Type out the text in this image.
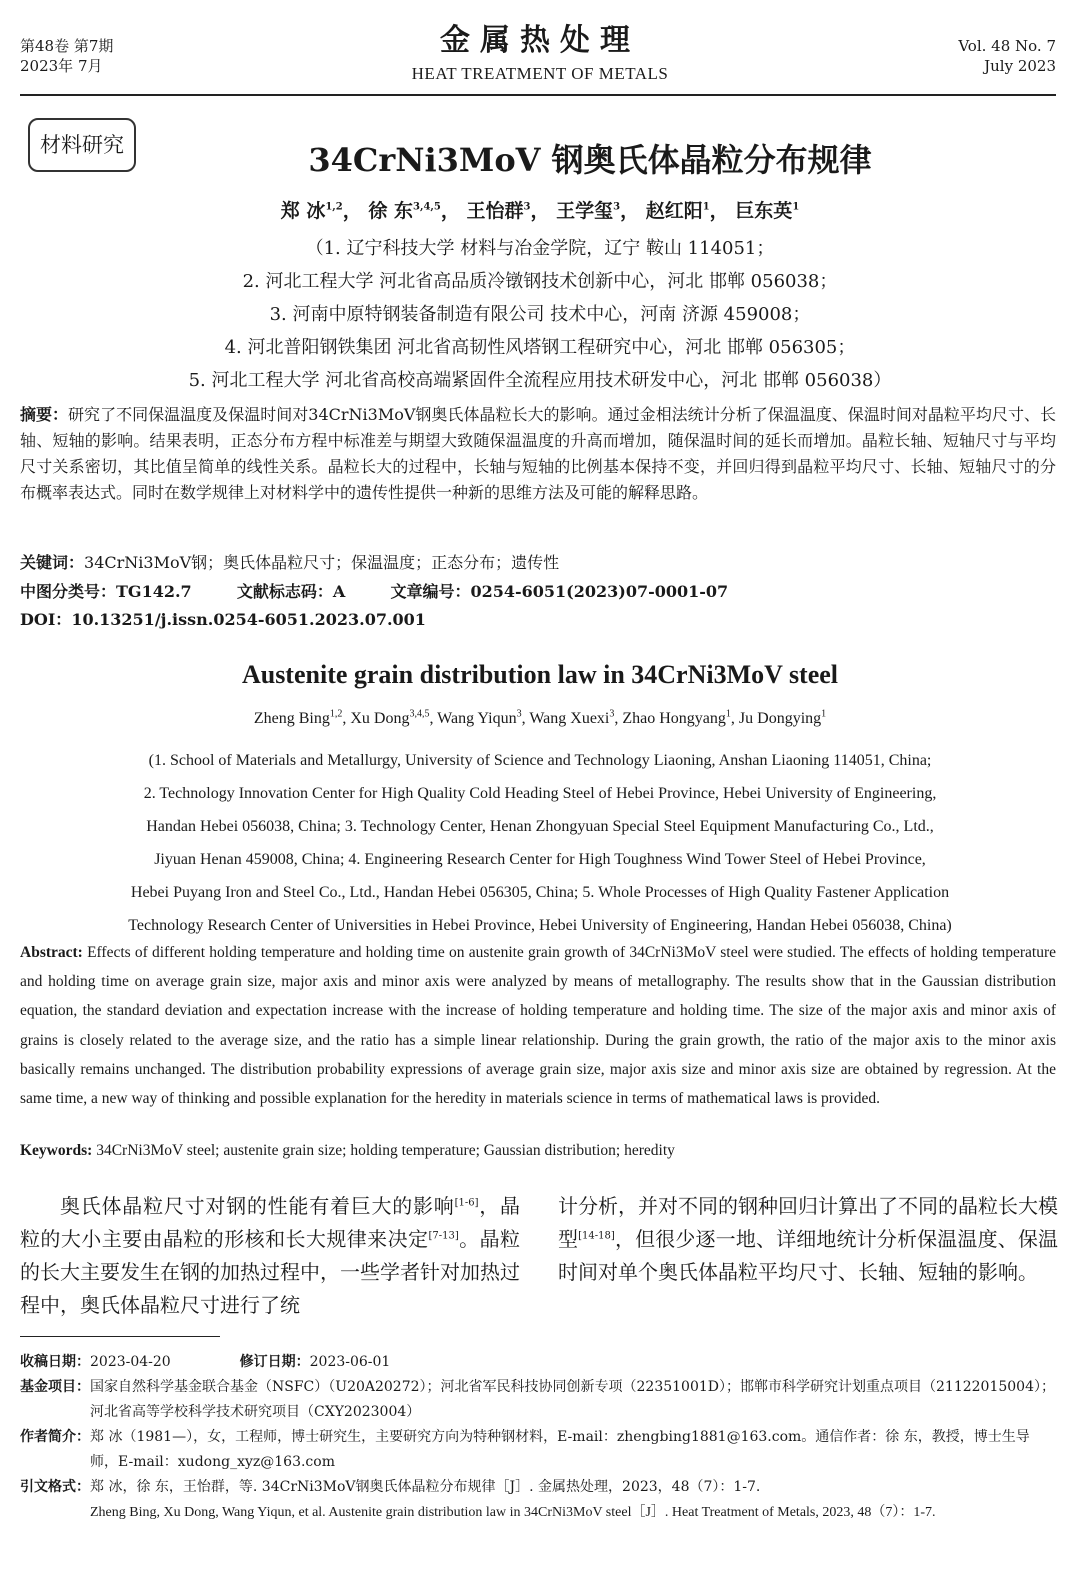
第48卷 第7期
2023年 7月
金属热处理
HEAT TREATMENT OF METALS
Vol. 48 No. 7
July 2023
材料研究	34CrNi3MoV 钢奥氏体晶粒分布规律
郑 冰$^{1,2}$， 徐 东$^{3,4,5}$， 王怡群$^3$， 王学玺$^3$， 赵红阳$^1$， 巨东英$^1$
（1. 辽宁科技大学 材料与冶金学院，辽宁 鞍山 114051；
2. 河北工程大学 河北省高品质冷镦钢技术创新中心，河北 邯郸 056038；
3. 河南中原特钢装备制造有限公司 技术中心，河南 济源 459008；
4. 河北普阳钢铁集团 河北省高韧性风塔钢工程研究中心，河北 邯郸 056305；
5. 河北工程大学 河北省高校高端紧固件全流程应用技术研发中心，河北 邯郸 056038）
摘要：研究了不同保温温度及保温时间对34CrNi3MoV钢奥氏体晶粒长大的影响。通过金相法统计分析了保温温度、保温时间对晶粒平均尺寸、长轴、短轴的影响。结果表明，正态分布方程中标准差与期望大致随保温温度的升高而增加，随保温时间的延长而增加。晶粒长轴、短轴尺寸与平均尺寸关系密切，其比值呈简单的线性关系。晶粒长大的过程中，长轴与短轴的比例基本保持不变，并回归得到晶粒平均尺寸、长轴、短轴尺寸的分布概率表达式。同时在数学规律上对材料学中的遗传性提供一种新的思维方法及可能的解释思路。
关键词：34CrNi3MoV钢；奥氏体晶粒尺寸；保温温度；正态分布；遗传性
中图分类号：TG142.7	文献标志码：A	文章编号：0254-6051(2023)07-0001-07
DOI：10.13251/j.issn.0254-6051.2023.07.001
Austenite grain distribution law in 34CrNi3MoV steel
Zheng Bing$^{1,2}$, Xu Dong$^{3,4,5}$, Wang Yiqun$^3$, Wang Xuexi$^3$, Zhao Hongyang$^1$, Ju Dongying$^1$
(1. School of Materials and Metallurgy, University of Science and Technology Liaoning, Anshan Liaoning 114051, China;
2. Technology Innovation Center for High Quality Cold Heading Steel of Hebei Province, Hebei University of Engineering,
Handan Hebei 056038, China; 3. Technology Center, Henan Zhongyuan Special Steel Equipment Manufacturing Co., Ltd.,
Jiyuan Henan 459008, China; 4. Engineering Research Center for High Toughness Wind Tower Steel of Hebei Province,
Hebei Puyang Iron and Steel Co., Ltd., Handan Hebei 056305, China; 5. Whole Processes of High Quality Fastener Application
Technology Research Center of Universities in Hebei Province, Hebei University of Engineering, Handan Hebei 056038, China)
Abstract: Effects of different holding temperature and holding time on austenite grain growth of 34CrNi3MoV steel were studied. The effects of holding temperature and holding time on average grain size, major axis and minor axis were analyzed by means of metallography. The results show that in the Gaussian distribution equation, the standard deviation and expectation increase with the increase of holding temperature and holding time. The size of the major axis and minor axis of grains is closely related to the average size, and the ratio has a simple linear relationship. During the grain growth, the ratio of the major axis to the minor axis basically remains unchanged. The distribution probability expressions of average grain size, major axis size and minor axis size are obtained by regression. At the same time, a new way of thinking and possible explanation for the heredity in materials science in terms of mathematical laws is provided.
Keywords: 34CrNi3MoV steel; austenite grain size; holding temperature; Gaussian distribution; heredity
奥氏体晶粒尺寸对钢的性能有着巨大的影响[1-6]，晶粒的大小主要由晶粒的形核和长大规律来决定[7-13]。晶粒的长大主要发生在钢的加热过程中，一些学者针对加热过程中，奥氏体晶粒尺寸进行了统
计分析，并对不同的钢种回归计算出了不同的晶粒长大模型[14-18]，但很少逐一地、详细地统计分析保温温度、保温时间对单个奥氏体晶粒平均尺寸、长轴、短轴的影响。
收稿日期：2023-04-20	修订日期：2023-06-01
基金项目： 国家自然科学基金联合基金（NSFC）（U20A20272）；河北省军民科技协同创新专项（22351001D）；邯郸市科学研究计划重点项目（21122015004）；河北省高等学校科学技术研究项目（CXY2023004）
作者简介： 郑 冰（1981—），女，工程师，博士研究生，主要研究方向为特种钢材料，E-mail：zhengbing1881@163.com。通信作者：徐 东，教授，博士生导师，E-mail：xudong_xyz@163.com
引文格式： 郑 冰，徐 东，王怡群，等. 34CrNi3MoV钢奥氏体晶粒分布规律［J］. 金属热处理，2023，48（7）：1-7.
Zheng Bing, Xu Dong, Wang Yiqun, et al. Austenite grain distribution law in 34CrNi3MoV steel［J］. Heat Treatment of Metals, 2023, 48（7）：1-7.
